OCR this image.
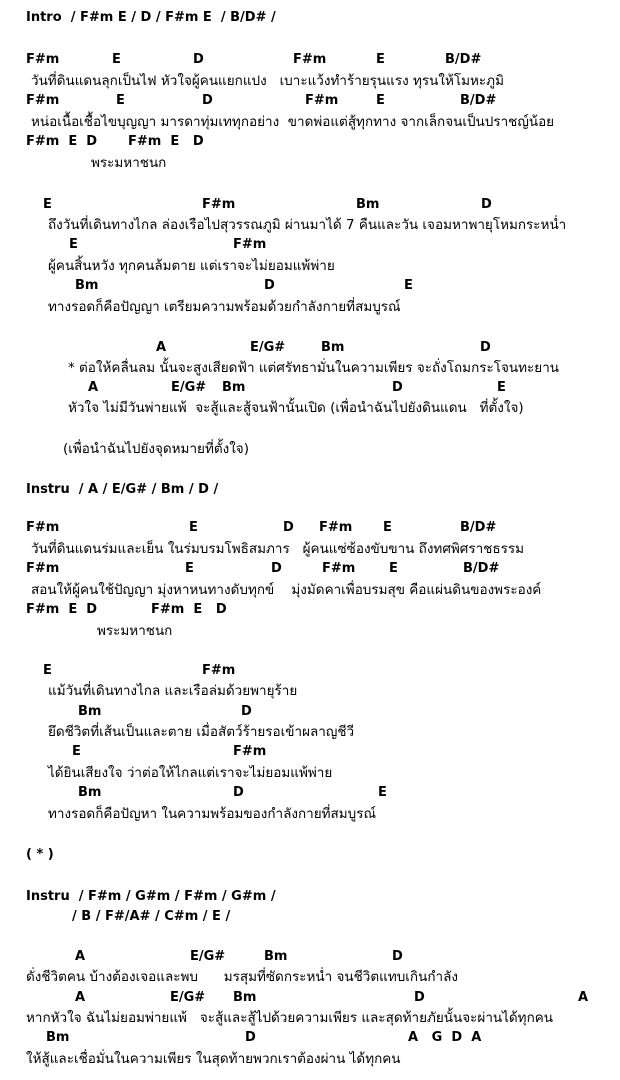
Intro  / F#m E / D / F#m E  / B/D# /
F#m	E	D	F#m	E	B/D#
วันที่ดินแดนลุกเป็นไฟ หัวใจผู้คนแยกแปง   เบาะแว้งทำร้ายรุนแรง ทุรนให้โมหะภูมิ
F#m	E	D	F#m	E	B/D#
หน่อเนื้อเชื้อไขบุญญา มารดาทุ่มเททุกอย่าง  ขาดพ่อแต่สู้ทุกทาง จากเล็กจนเป็นปราชญ์น้อย
F#m  E  D F#m  E   D
พระมหาชนก
E	F#m	Bm	D
ถึงวันที่เดินทางไกล ล่องเรือไปสุวรรณภูมิ ผ่านมาได้ 7 คืนและวัน เจอมหาพายุโหมกระหน่ำ
E	F#m
ผู้คนสิ้นหวัง ทุกคนล้มตาย แต่เราจะไม่ยอมแพ้พ่าย
Bm	D	E
ทางรอดก็คือปัญญา เตรียมความพร้อมด้วยกำลังกายที่สมบูรณ์
A	E/G#	Bm	D
* ต่อให้คลื่นลม นั้นจะสูงเสียดฟ้า แต่ศรัทธามั่นในความเพียร จะถั่งโถมกระโจนทะยาน
A	E/G# Bm	D	E
หัวใจ ไม่มีวันพ่ายแพ้  จะสู้และสู้จนฟ้านั้นเปิด (เพื่อนำฉันไปยังดินแดน   ที่ตั้งใจ)
(เพื่อนำฉันไปยังจุดหมายที่ตั้งใจ)
Instru  / A / E/G# / Bm / D /
F#m	E	D F#m E	B/D#
วันที่ดินแดนร่มและเย็น ในร่มบรมโพธิสมภาร   ผู้คนแซ่ซ้องขับขาน ถึงทศพิศราชธรรม
F#m	E	D	F#m	E	B/D#
สอนให้ผู้คนใช้ปัญญา มุ่งหาหนทางดับทุกข์    มุ่งมัดคาเพื่อบรมสุข คือแผ่นดินของพระองค์
F#m  E  D	F#m  E   D
พระมหาชนก
E	F#m
แม้วันที่เดินทางไกล และเรือล่มด้วยพายุร้าย
Bm	D
ยึดชีวิตที่เส้นเป็นและตาย เมื่อสัตว์ร้ายรอเข้าผลาญชีวี
E	F#m
ได้ยินเสียงใจ ว่าต่อให้ไกลแต่เราจะไม่ยอมแพ้พ่าย
Bm	D	E
ทางรอดก็คือปัญหา ในความพร้อมของกำลังกายที่สมบูรณ์
( * )
Instru  / F#m / G#m / F#m / G#m /
/ B / F#/A# / C#m / E /
A	E/G#	Bm	D
ดั่งชีวิตคน บ้างต้องเจอและพบ      มรสุมที่ซัดกระหน่ำ จนชีวิตแทบเกินกำลัง
A	E/G# Bm	D	A
หากหัวใจ ฉันไม่ยอมพ่ายแพ้   จะสู้และสู้ไปด้วยความเพียร และสุดท้ายภัยนั้นจะผ่านได้ทุกคน
Bm	D	A   G  D  A
ให้สู้และเชื่อมั่นในความเพียร ในสุดท้ายพวกเราต้องผ่าน ได้ทุกคน
